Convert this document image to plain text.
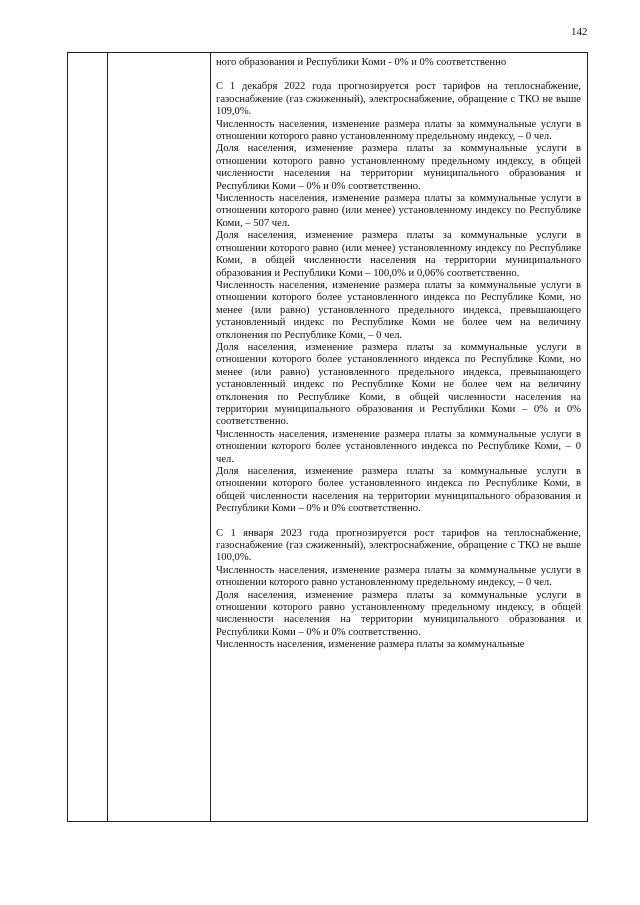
142

ного образования и Республики Коми - 0% и 0% соответственно

С 1 декабря 2022 года прогнозируется рост тарифов на теплоснабжение, газоснабжение (газ сжиженный), электроснабжение, обращение с ТКО не выше 109,0%.

Численность населения, изменение размера платы за коммунальные услуги в отношении которого равно установленному предельному индексу, – 0 чел.

Доля населения, изменение размера платы за коммунальные услуги в отношении которого равно установленному предельному индексу, в общей численности населения на территории муниципального образования и Республики Коми – 0% и 0% соответственно.

Численность населения, изменение размера платы за коммунальные услуги в отношении которого равно (или менее) установленному индексу по Республике Коми, – 507 чел.

Доля населения, изменение размера платы за коммунальные услуги в отношении которого равно (или менее) установленному индексу по Республике Коми, в общей численности населения на территории муниципального образования и Республики Коми – 100,0% и 0,06% соответственно.

Численность населения, изменение размера платы за коммунальные услуги в отношении которого более установленного индекса по Республике Коми, но менее (или равно) установленного предельного индекса, превышающего установленный индекс по Республике Коми не более чем на величину отклонения по Республике Коми, – 0 чел.

Доля населения, изменение размера платы за коммунальные услуги в отношении которого более установленного индекса по Республике Коми, но менее (или равно) установленного предельного индекса, превышающего установленный индекс по Республике Коми не более чем на величину отклонения по Республике Коми, в общей численности населения на территории муниципального образования и Республики Коми – 0% и 0% соответственно.

Численность населения, изменение размера платы за коммунальные услуги в отношении которого более установленного индекса по Республике Коми, – 0 чел.

Доля населения, изменение размера платы за коммунальные услуги в отношении которого более установленного индекса по Республике Коми, в общей численности населения на территории муниципального образования и Республики Коми – 0% и 0% соответственно.

С 1 января 2023 года прогнозируется рост тарифов на теплоснабжение, газоснабжение (газ сжиженный), электроснабжение, обращение с ТКО не выше 100,0%.

Численность населения, изменение размера платы за коммунальные услуги в отношении которого равно установленному предельному индексу, – 0 чел.

Доля населения, изменение размера платы за коммунальные услуги в отношении которого равно установленному предельному индексу, в общей численности населения на территории муниципального образования и Республики Коми – 0% и 0% соответственно.

Численность населения, изменение размера платы за коммунальные
